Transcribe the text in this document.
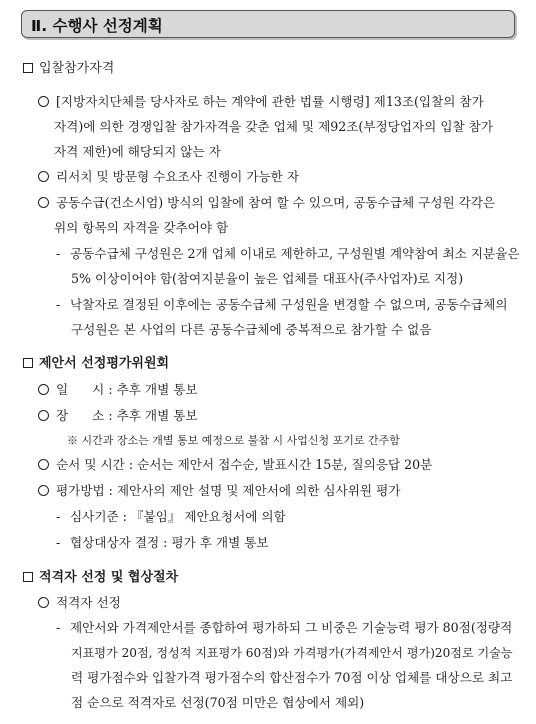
Ⅱ. 수행사 선정계획
입찰참가자격
[지방자치단체를 당사자로 하는 계약에 관한 법률 시행령] 제13조(입찰의 참가
자격)에 의한 경쟁입찰 참가자격을 갖춘 업체 및 제92조(부정당업자의 입찰 참가
자격 제한)에 해당되지 않는 자
리서치 및 방문형 수요조사 진행이 가능한 자
공동수급(건소시엄) 방식의 입찰에 참여 할 수 있으며, 공동수급체 구성원 각각은
위의 항목의 자격을 갖추어야 함
- 공동수급체 구성원은 2개 업체 이내로 제한하고, 구성원별 계약참여 최소 지분율은
5% 이상이어야 함(참여지분율이 높은 업체를 대표사(주사업자)로 지정)
- 낙찰자로 결정된 이후에는 공동수급체 구성원을 변경할 수 없으며, 공동수급체의
구성원은 본 사업의 다른 공동수급체에 중복적으로 참가할 수 없음
제안서 선정평가위원회
일      시 : 추후 개별 통보
장      소 : 추후 개별 통보
※ 시간과 장소는 개별 통보 예정으로 불참 시 사업신청 포기로 간주함
순서 및 시간 : 순서는 제안서 접수순, 발표시간 15분, 질의응답 20분
평가방법 : 제안사의 제안 설명 및 제안서에 의한 심사위원 평가
- 심사기준 : 『붙임』 제안요청서에 의함
- 협상대상자 결정 : 평가 후 개별 통보
적격자 선정 및 협상절차
적격자 선정
- 제안서와 가격제안서를 종합하여 평가하되 그 비중은 기술능력 평가 80점(정량적
지표평가 20점, 정성적 지표평가 60점)와 가격평가(가격제안서 평가)20점로 기술능
력 평가점수와 입찰가격 평가점수의 합산점수가 70점 이상 업체를 대상으로 최고
점 순으로 적격자로 선정(70점 미만은 협상에서 제외)
